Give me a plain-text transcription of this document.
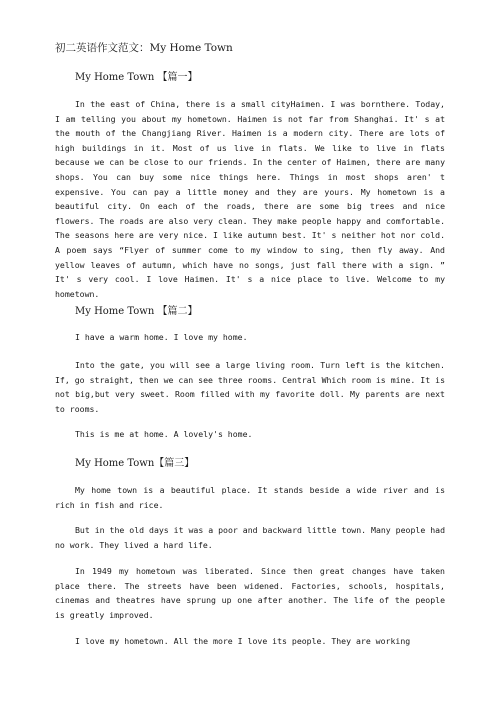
初二英语作文范文：My Home Town
My Home Town 【篇一】

In the east of China, there is a small cityHaimen. I was bornthere. Today, I am telling you about my hometown. Haimen is not far from Shanghai. It' s at the mouth of the Changjiang River. Haimen is a modern city. There are lots of high buildings in it. Most of us live in flats. We like to live in flats because we can be close to our friends. In the center of Haimen, there are many shops. You can buy some nice things here. Things in most shops aren' t expensive. You can pay a little money and they are yours. My hometown is a beautiful city. On each of the roads, there are some big trees and nice flowers. The roads are also very clean. They make people happy and comfortable. The seasons here are very nice. I like autumn best. It' s neither hot nor cold. A poem says “Flyer of summer come to my window to sing, then fly away. And yellow leaves of autumn, which have no songs, just fall there with a sign. ” It' s very cool. I love Haimen. It' s a nice place to live. Welcome to my hometown.

My Home Town 【篇二】

I have a warm home. I love my home.

Into the gate, you will see a large living room. Turn left is the kitchen. If, go straight, then we can see three rooms. Central Which room is mine. It is not big,but very sweet. Room filled with my favorite doll. My parents are next to rooms.

This is me at home. A lovely's home.

My Home Town【篇三】

My home town is a beautiful place. It stands beside a wide river and is rich in fish and rice.

But in the old days it was a poor and backward little town. Many people had no work. They lived a hard life.

In 1949 my hometown was liberated. Since then great changes have taken place there. The streets have been widened. Factories, schools, hospitals, cinemas and theatres have sprung up one after another. The life of the people is greatly improved.

I love my hometown. All the more I love its people. They are working
